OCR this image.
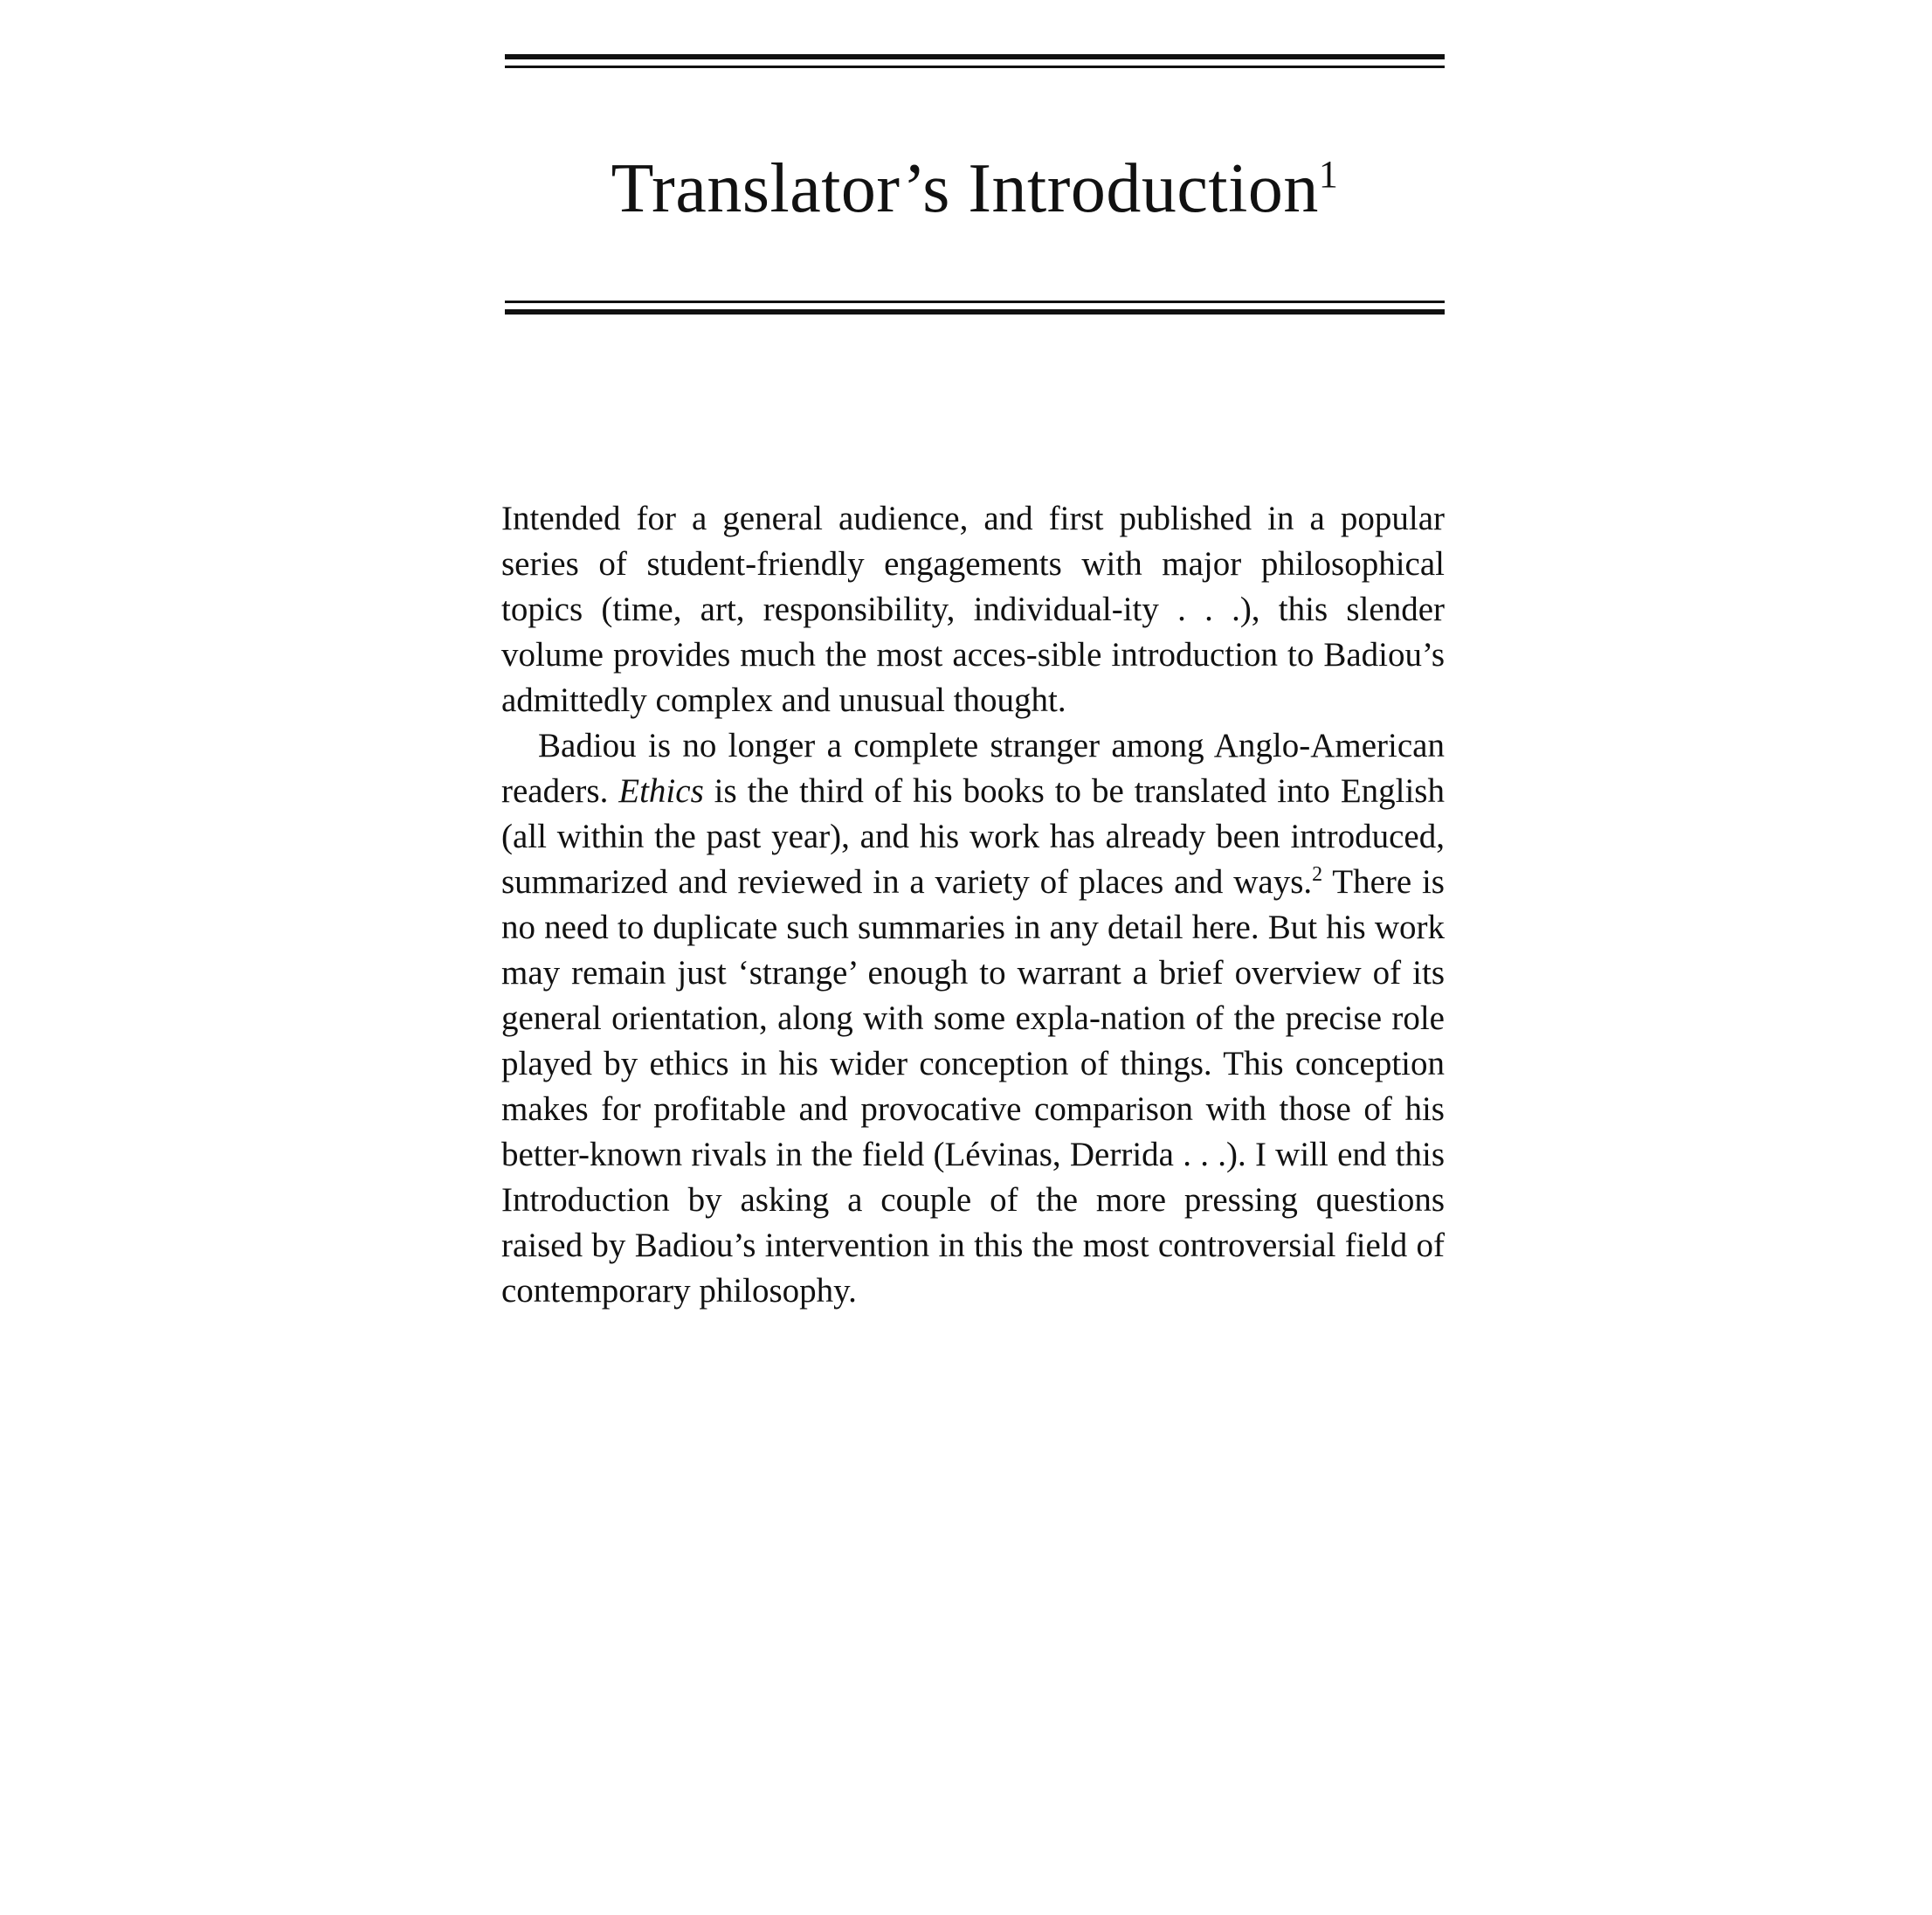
Translator’s Introduction$^1$

Intended for a general audience, and first published in a popular series of student-friendly engagements with major philosophical topics (time, art, responsibility, individual-ity . . .), this slender volume provides much the most acces-sible introduction to Badiou’s admittedly complex and unusual thought.

Badiou is no longer a complete stranger among Anglo-American readers. Ethics is the third of his books to be translated into English (all within the past year), and his work has already been introduced, summarized and reviewed in a variety of places and ways.$^2$ There is no need to duplicate such summaries in any detail here. But his work may remain just ‘strange’ enough to warrant a brief overview of its general orientation, along with some expla-nation of the precise role played by ethics in his wider conception of things. This conception makes for profitable and provocative comparison with those of his better-known rivals in the field (Lévinas, Derrida . . .). I will end this Introduction by asking a couple of the more pressing questions raised by Badiou’s intervention in this the most controversial field of contemporary philosophy.
